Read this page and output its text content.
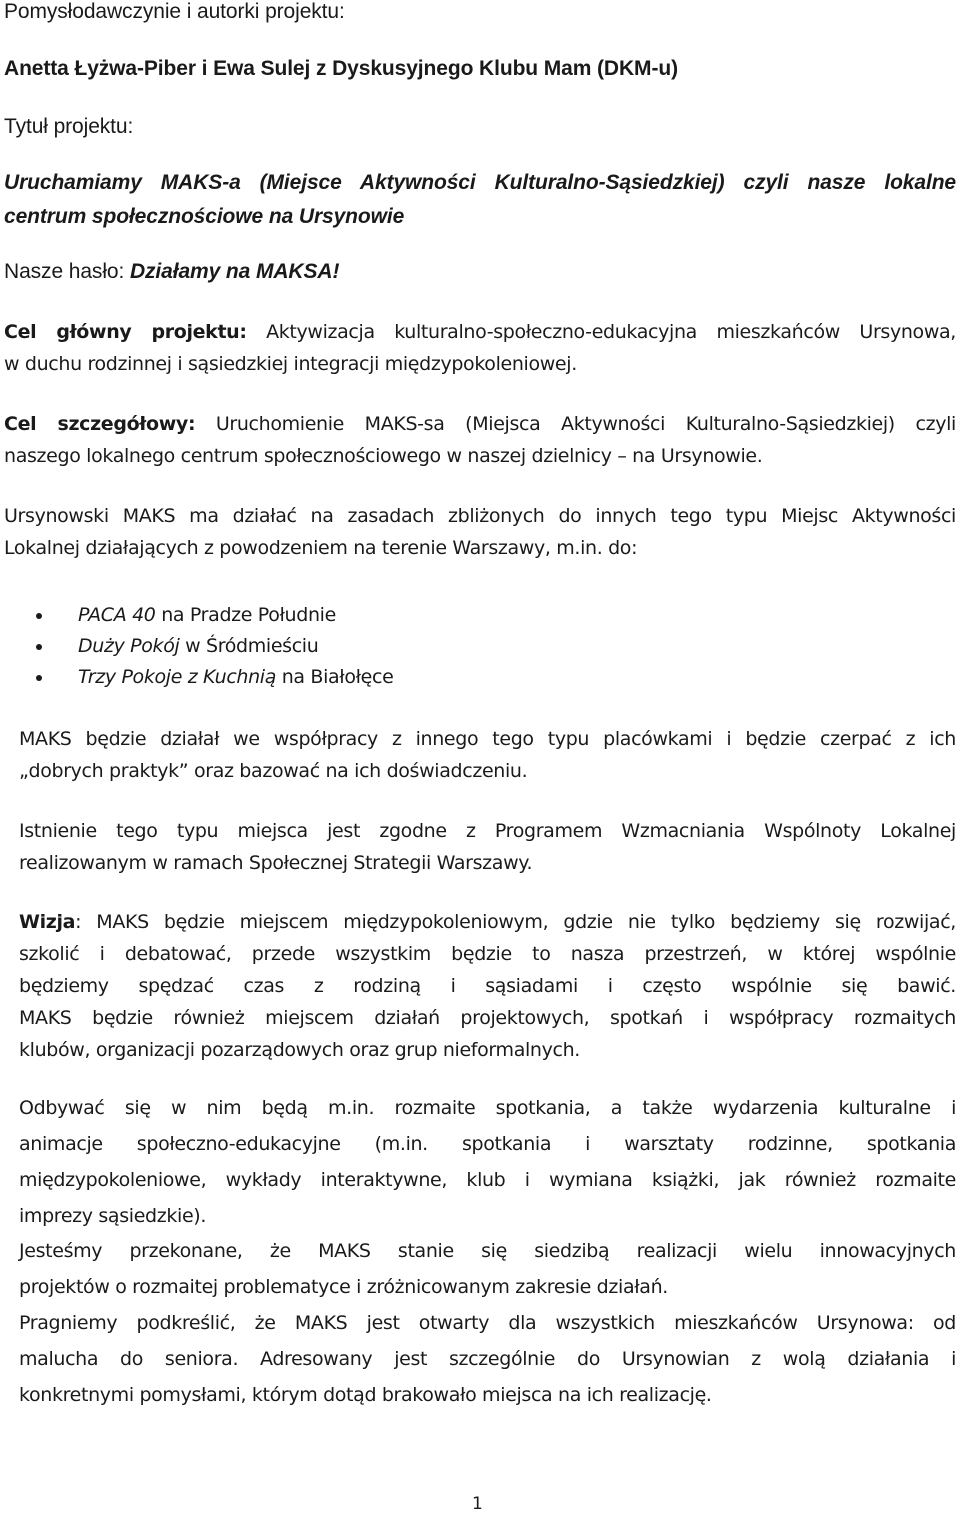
Pomysłodawczynie i autorki projektu:

Anetta Łyżwa-Piber i Ewa Sulej z Dyskusyjnego Klubu Mam (DKM-u)

Tytuł projektu:

Uruchamiamy MAKS-a (Miejsce Aktywności Kulturalno-Sąsiedzkiej) czyli nasze lokalne
centrum społecznościowe na Ursynowie

Nasze hasło: Działamy na MAKSA!

Cel główny projektu: Aktywizacja kulturalno-społeczno-edukacyjna mieszkańców Ursynowa,
w duchu rodzinnej i sąsiedzkiej integracji międzypokoleniowej.
Cel szczegółowy: Uruchomienie MAKS-sa (Miejsca Aktywności Kulturalno-Sąsiedzkiej) czyli
naszego lokalnego centrum społecznościowego w naszej dzielnicy – na Ursynowie.
Ursynowski MAKS ma działać na zasadach zbliżonych do innych tego typu Miejsc Aktywności
Lokalnej działających z powodzeniem na terenie Warszawy, m.in. do:
PACA 40 na Pradze Południe
Duży Pokój w Śródmieściu
Trzy Pokoje z Kuchnią na Białołęce
MAKS będzie działał we współpracy z innego tego typu placówkami i będzie czerpać z ich
„dobrych praktyk” oraz bazować na ich doświadczeniu.
Istnienie tego typu miejsca jest zgodne z Programem Wzmacniania Wspólnoty Lokalnej
realizowanym w ramach Społecznej Strategii Warszawy.
Wizja: MAKS będzie miejscem międzypokoleniowym, gdzie nie tylko będziemy się rozwijać,
szkolić i debatować, przede wszystkim będzie to nasza przestrzeń, w której wspólnie
będziemy spędzać czas z rodziną i sąsiadami i często wspólnie się bawić.
MAKS będzie również miejscem działań projektowych, spotkań i współpracy rozmaitych
klubów, organizacji pozarządowych oraz grup nieformalnych.
Odbywać się w nim będą m.in. rozmaite spotkania, a także wydarzenia kulturalne i
animacje społeczno-edukacyjne (m.in. spotkania i warsztaty rodzinne, spotkania
międzypokoleniowe, wykłady interaktywne, klub i wymiana książki, jak również rozmaite
imprezy sąsiedzkie).
Jesteśmy przekonane, że MAKS stanie się siedzibą realizacji wielu innowacyjnych
projektów o rozmaitej problematyce i zróżnicowanym zakresie działań.
Pragniemy podkreślić, że MAKS jest otwarty dla wszystkich mieszkańców Ursynowa: od
malucha do seniora. Adresowany jest szczególnie do Ursynowian z wolą działania i
konkretnymi pomysłami, którym dotąd brakowało miejsca na ich realizację.
1
